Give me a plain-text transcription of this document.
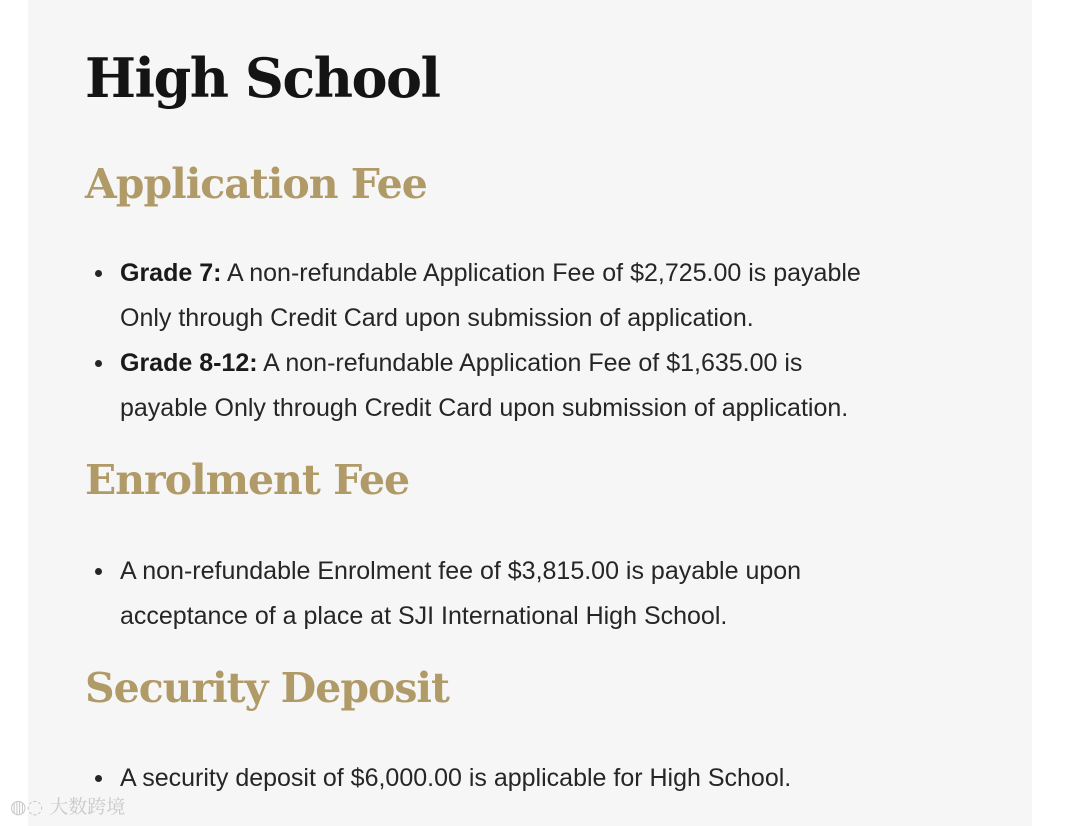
High School
Application Fee
Grade 7: A non-refundable Application Fee of $2,725.00 is payable
Only through Credit Card upon submission of application.
Grade 8-12: A non-refundable Application Fee of $1,635.00 is
payable Only through Credit Card upon submission of application.
Enrolment Fee
A non-refundable Enrolment fee of $3,815.00 is payable upon
acceptance of a place at SJI International High School.
Security Deposit
A security deposit of $6,000.00 is applicable for High School.
◍◌ 大数跨境
